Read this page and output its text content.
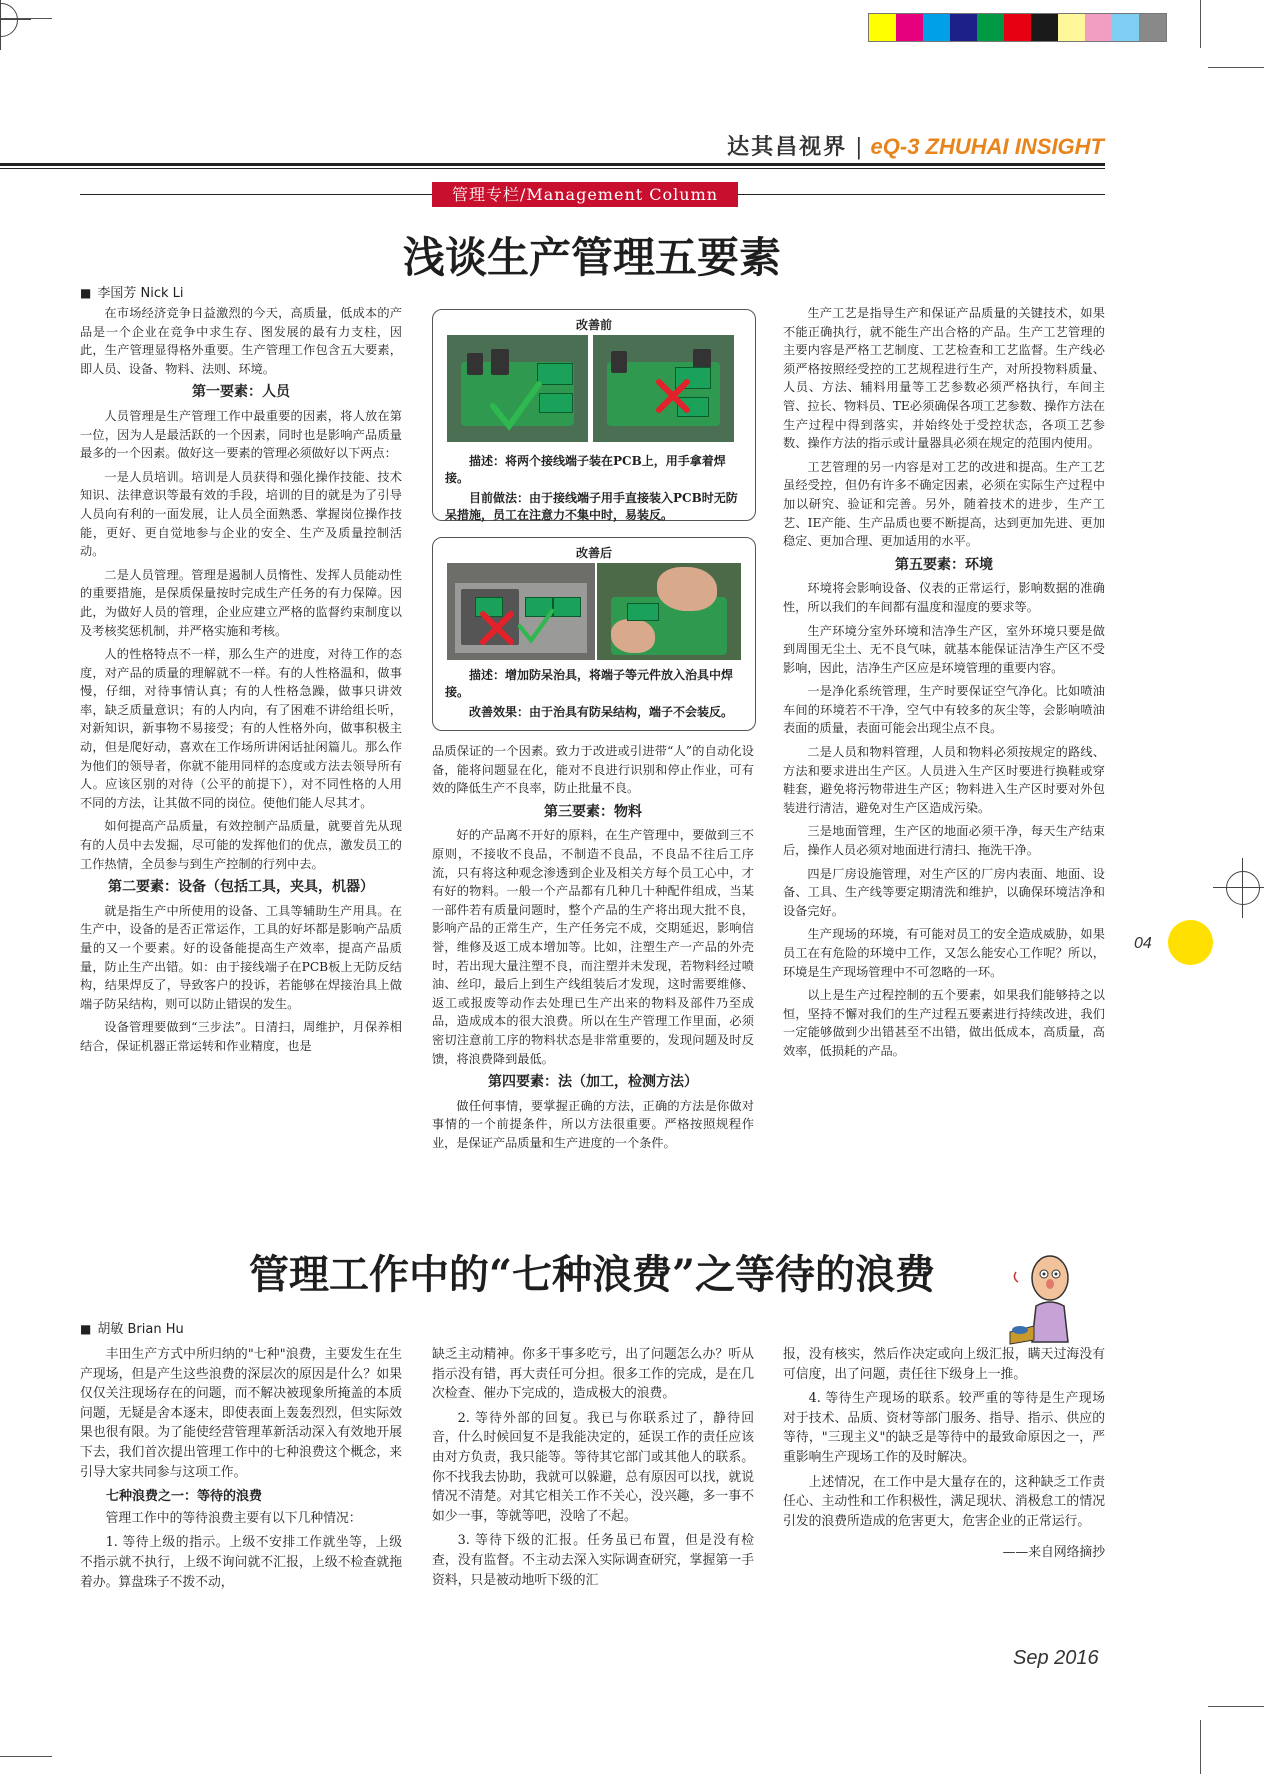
达其昌视界 | eQ-3 ZHUHAI INSIGHT
管理专栏/Management Column
浅谈生产管理五要素
■ 李国芳 Nick Li

在市场经济竞争日益激烈的今天，高质量，低成本的产品是一个企业在竞争中求生存、图发展的最有力支柱，因此，生产管理显得格外重要。生产管理工作包含五大要素，即人员、设备、物料、法则、环境。

第一要素：人员

人员管理是生产管理工作中最重要的因素，将人放在第一位，因为人是最活跃的一个因素，同时也是影响产品质量最多的一个因素。做好这一要素的管理必须做好以下两点：

一是人员培训。培训是人员获得和强化操作技能、技术知识、法律意识等最有效的手段，培训的目的就是为了引导人员向有利的一面发展，让人员全面熟悉、掌握岗位操作技能，更好、更自觉地参与企业的安全、生产及质量控制活动。

二是人员管理。管理是遏制人员惰性、发挥人员能动性的重要措施，是保质保量按时完成生产任务的有力保障。因此，为做好人员的管理，企业应建立严格的监督约束制度以及考核奖惩机制，并严格实施和考核。

人的性格特点不一样，那么生产的进度，对待工作的态度，对产品的质量的理解就不一样。有的人性格温和，做事慢，仔细，对待事情认真；有的人性格急躁，做事只讲效率，缺乏质量意识；有的人内向，有了困难不讲给组长听，对新知识，新事物不易接受；有的人性格外向，做事积极主动，但是爬好动，喜欢在工作场所讲闲话扯闲篇儿。那么作为他们的领导者，你就不能用同样的态度或方法去领导所有人。应该区别的对待（公平的前提下），对不同性格的人用不同的方法，让其做不同的岗位。使他们能人尽其才。

如何提高产品质量，有效控制产品质量，就要首先从现有的人员中去发掘，尽可能的发挥他们的优点，激发员工的工作热情，全员参与到生产控制的行列中去。

第二要素：设备（包括工具，夹具，机器）

就是指生产中所使用的设备、工具等辅助生产用具。在生产中，设备的是否正常运作，工具的好坏都是影响产品质量的又一个要素。好的设备能提高生产效率，提高产品质量，防止生产出错。如：由于接线端子在PCB板上无防反结构，结果焊反了，导致客户的投诉，若能够在焊接治具上做端子防呆结构，则可以防止错误的发生。

设备管理要做到“三步法”。日清扫，周维护，月保养相结合，保证机器正常运转和作业精度，也是

改善前
描述：将两个接线端子装在PCB上，用手拿着焊接。
目前做法：由于接线端子用手直接装入PCB时无防呆措施，员工在注意力不集中时，易装反。
改善后
描述：增加防呆治具，将端子等元件放入治具中焊接。
改善效果：由于治具有防呆结构，端子不会装反。

品质保证的一个因素。致力于改进或引进带“人”的自动化设备，能将问题显在化，能对不良进行识别和停止作业，可有效的降低生产不良率，防止批量不良。

第三要素：物料

好的产品离不开好的原料，在生产管理中，要做到三不原则，不接收不良品，不制造不良品，不良品不往后工序流，只有将这种观念渗透到企业及相关方每个员工心中，才有好的物料。一般一个产品都有几种几十种配件组成，当某一部件若有质量问题时，整个产品的生产将出现大批不良，影响产品的正常生产，生产任务完不成，交期延迟，影响信誉，维修及返工成本增加等。比如，注塑生产一产品的外壳时，若出现大量注塑不良，而注塑并未发现，若物料经过喷油、丝印，最后上到生产线组装后才发现，这时需要维修、返工或报废等动作去处理已生产出来的物料及部件乃至成品，造成成本的很大浪费。所以在生产管理工作里面，必须密切注意前工序的物料状态是非常重要的，发现问题及时反馈，将浪费降到最低。

第四要素：法（加工，检测方法）

做任何事情，要掌握正确的方法，正确的方法是你做对事情的一个前提条件，所以方法很重要。严格按照规程作业，是保证产品质量和生产进度的一个条件。

生产工艺是指导生产和保证产品质量的关键技术，如果不能正确执行，就不能生产出合格的产品。生产工艺管理的主要内容是严格工艺制度、工艺检查和工艺监督。生产线必须严格按照经受控的工艺规程进行生产，对所投物料质量、人员、方法、辅料用量等工艺参数必须严格执行，车间主管、拉长、物料员、TE必须确保各项工艺参数、操作方法在生产过程中得到落实，并始终处于受控状态，各项工艺参数、操作方法的指示或计量器具必须在规定的范围内使用。

工艺管理的另一内容是对工艺的改进和提高。生产工艺虽经受控，但仍有许多不确定因素，必须在实际生产过程中加以研究、验证和完善。另外，随着技术的进步，生产工艺、IE产能、生产品质也要不断提高，达到更加先进、更加稳定、更加合理、更加适用的水平。

第五要素：环境

环境将会影响设备、仪表的正常运行，影响数据的准确性，所以我们的车间都有温度和湿度的要求等。

生产环境分室外环境和洁净生产区，室外环境只要是做到周围无尘土、无不良气味，就基本能保证洁净生产区不受影响，因此，洁净生产区应是环境管理的重要内容。

一是净化系统管理，生产时要保证空气净化。比如喷油车间的环境若不干净，空气中有较多的灰尘等，会影响喷油表面的质量，表面可能会出现尘点不良。

二是人员和物料管理，人员和物料必须按规定的路线、方法和要求进出生产区。人员进入生产区时要进行换鞋或穿鞋套，避免将污物带进生产区；物料进入生产区时要对外包装进行清洁，避免对生产区造成污染。

三是地面管理，生产区的地面必须干净，每天生产结束后，操作人员必须对地面进行清扫、拖洗干净。

四是厂房设施管理，对生产区的厂房内表面、地面、设备、工具、生产线等要定期清洗和维护，以确保环境洁净和设备完好。

生产现场的环境，有可能对员工的安全造成威胁，如果员工在有危险的环境中工作，又怎么能安心工作呢？所以，环境是生产现场管理中不可忽略的一环。

以上是生产过程控制的五个要素，如果我们能够持之以恒，坚持不懈对我们的生产过程五要素进行持续改进，我们一定能够做到少出错甚至不出错，做出低成本，高质量，高效率，低损耗的产品。

管理工作中的“七种浪费”之等待的浪费
■ 胡敏 Brian Hu

丰田生产方式中所归纳的"七种"浪费，主要发生在生产现场，但是产生这些浪费的深层次的原因是什么？如果仅仅关注现场存在的问题，而不解决被现象所掩盖的本质问题，无疑是舍本逐末，即使表面上轰轰烈烈，但实际效果也很有限。为了能使经营管理革新活动深入有效地开展下去，我们首次提出管理工作中的七种浪费这个概念，来引导大家共同参与这项工作。

七种浪费之一：等待的浪费

管理工作中的等待浪费主要有以下几种情况：

1. 等待上级的指示。上级不安排工作就坐等，上级不指示就不执行，上级不询问就不汇报，上级不检查就拖着办。算盘珠子不拨不动，

缺乏主动精神。你多干事多吃亏，出了问题怎么办？听从指示没有错，再大责任可分担。很多工作的完成，是在几次检查、催办下完成的，造成极大的浪费。

2. 等待外部的回复。我已与你联系过了，静待回音，什么时候回复不是我能决定的，延误工作的责任应该由对方负责，我只能等。等待其它部门或其他人的联系。你不找我去协助，我就可以躲避，总有原因可以找，就说情况不清楚。对其它相关工作不关心，没兴趣，多一事不如少一事，等就等吧，没啥了不起。

3. 等待下级的汇报。任务虽已布置，但是没有检查，没有监督。不主动去深入实际调查研究，掌握第一手资料，只是被动地听下级的汇

报，没有核实，然后作决定或向上级汇报，瞒天过海没有可信度，出了问题，责任往下级身上一推。

4. 等待生产现场的联系。较严重的等待是生产现场对于技术、品质、资材等部门服务、指导、指示、供应的等待，"三现主义"的缺乏是等待中的最致命原因之一，严重影响生产现场工作的及时解决。

上述情况，在工作中是大量存在的，这种缺乏工作责任心、主动性和工作积极性，满足现状、消极怠工的情况引发的浪费所造成的危害更大，危害企业的正常运行。

——来自网络摘抄

04
Sep 2016
